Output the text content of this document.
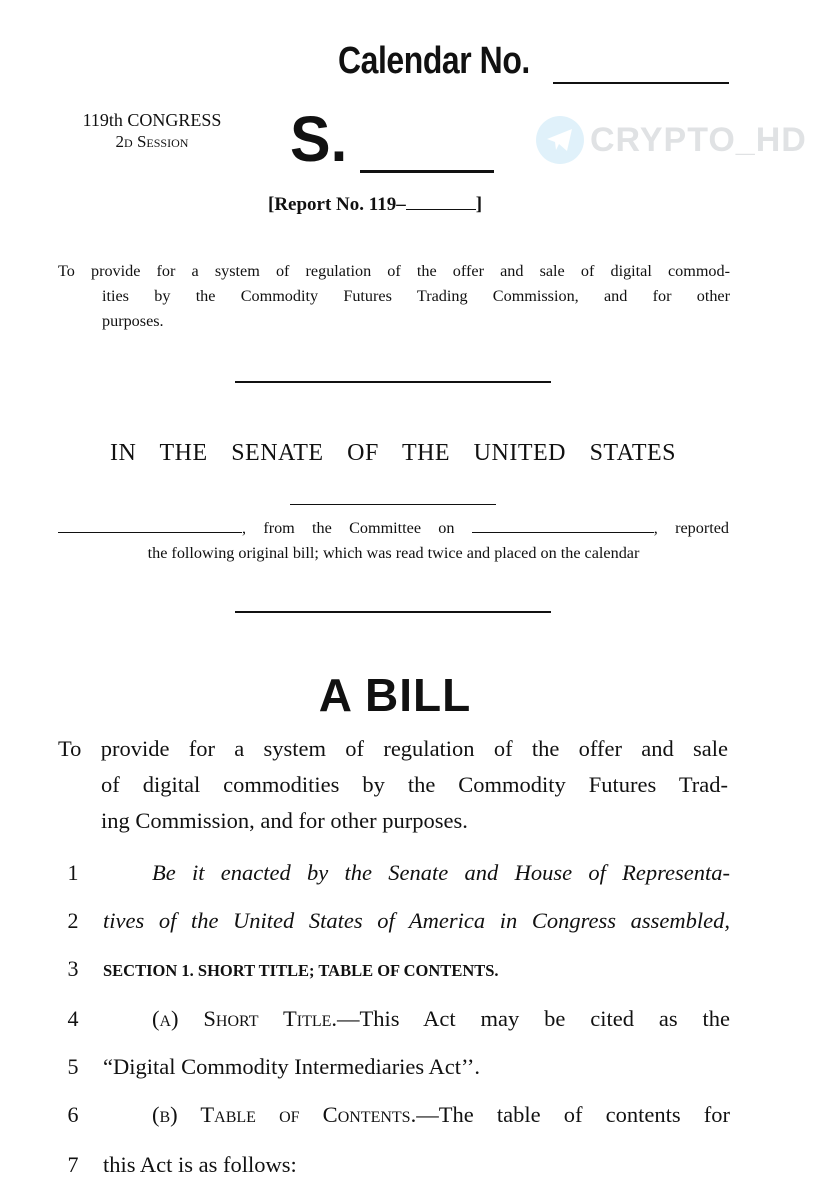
Calendar No.
119th CONGRESS
2d Session	S.
[Report No. 119–	]
CRYPTO_HD
To provide for a system of regulation of the offer and sale of digital commod-
ities by the Commodity Futures Trading Commission, and for other
purposes.
IN THE SENATE OF THE UNITED STATES
, from the Committee on	, reported
the following original bill; which was read twice and placed on the calendar
A BILL
To provide for a system of regulation of the offer and sale
of digital commodities by the Commodity Futures Trad-
ing Commission, and for other purposes.
1	Be it enacted by the Senate and House of Representa-
2	tives of the United States of America in Congress assembled,
3	SECTION 1. SHORT TITLE; TABLE OF CONTENTS.
4	(a) Short Title.—This Act may be cited as the
5	“Digital Commodity Intermediaries Act’’.
6	(b) Table of Contents.—The table of contents for
7	this Act is as follows:
